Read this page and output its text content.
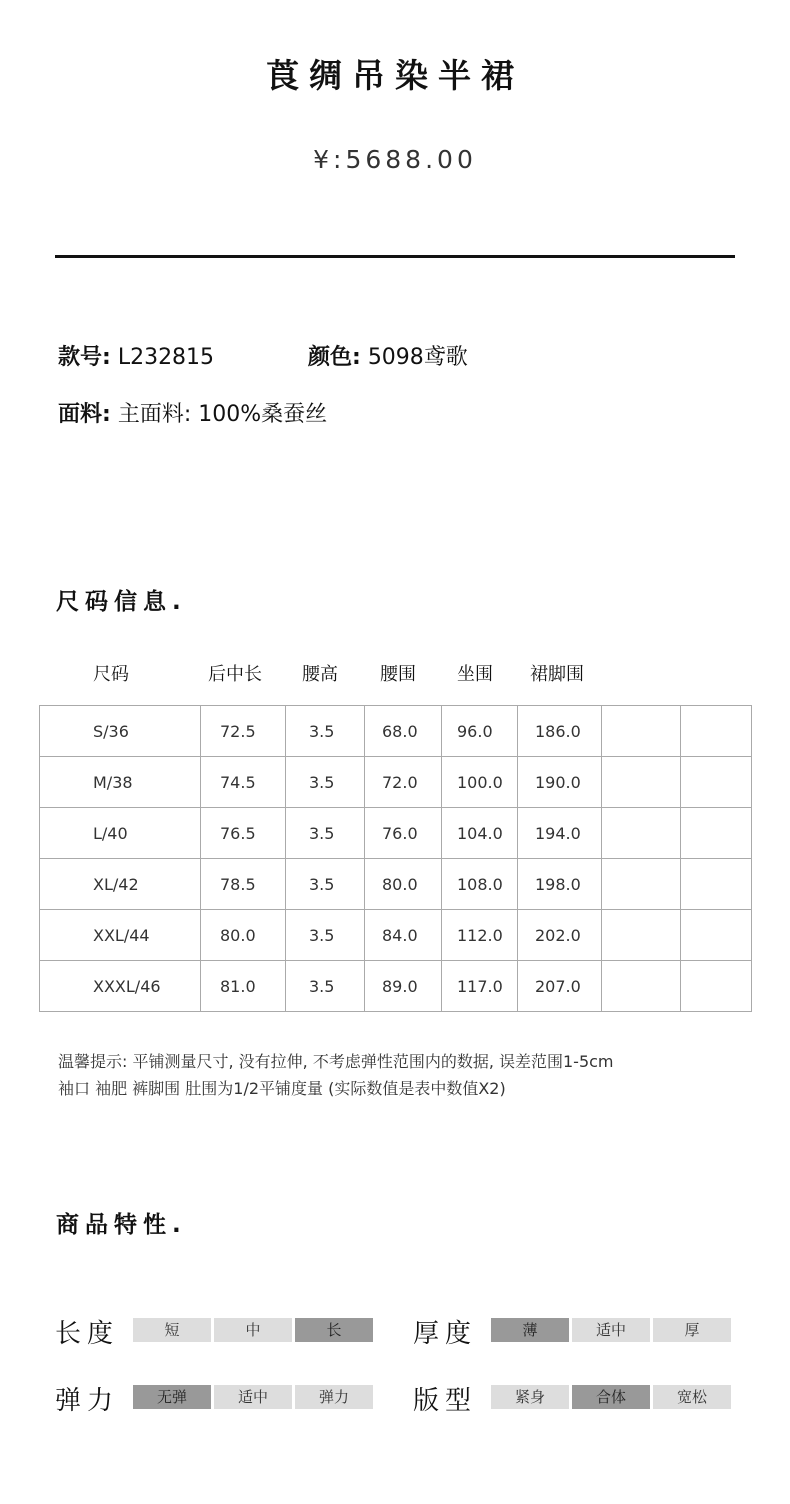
莨绸吊染半裙
¥:5688.00
款号: L232815	颜色: 5098鸢歌
面料: 主面料: 100%桑蚕丝
尺码信息.
尺码	后中长 腰高 腰围 坐围 裙脚围
S/36	72.5	3.5	68.0	96.0	186.0		
M/38	74.5	3.5	72.0	100.0	190.0		
L/40	76.5	3.5	76.0	104.0	194.0		
XL/42	78.5	3.5	80.0	108.0	198.0		
XXL/44	80.0	3.5	84.0	112.0	202.0		
XXXL/46	81.0	3.5	89.0	117.0	207.0		
温馨提示: 平铺测量尺寸, 没有拉伸, 不考虑弹性范围内的数据, 误差范围1-5cm
袖口 袖肥 裤脚围 肚围为1/2平铺度量 (实际数值是表中数值X2)
商品特性.
长度	短	中	长	厚度	薄	适中	厚
弹力	无弹	适中	弹力	版型	紧身	合体	宽松
